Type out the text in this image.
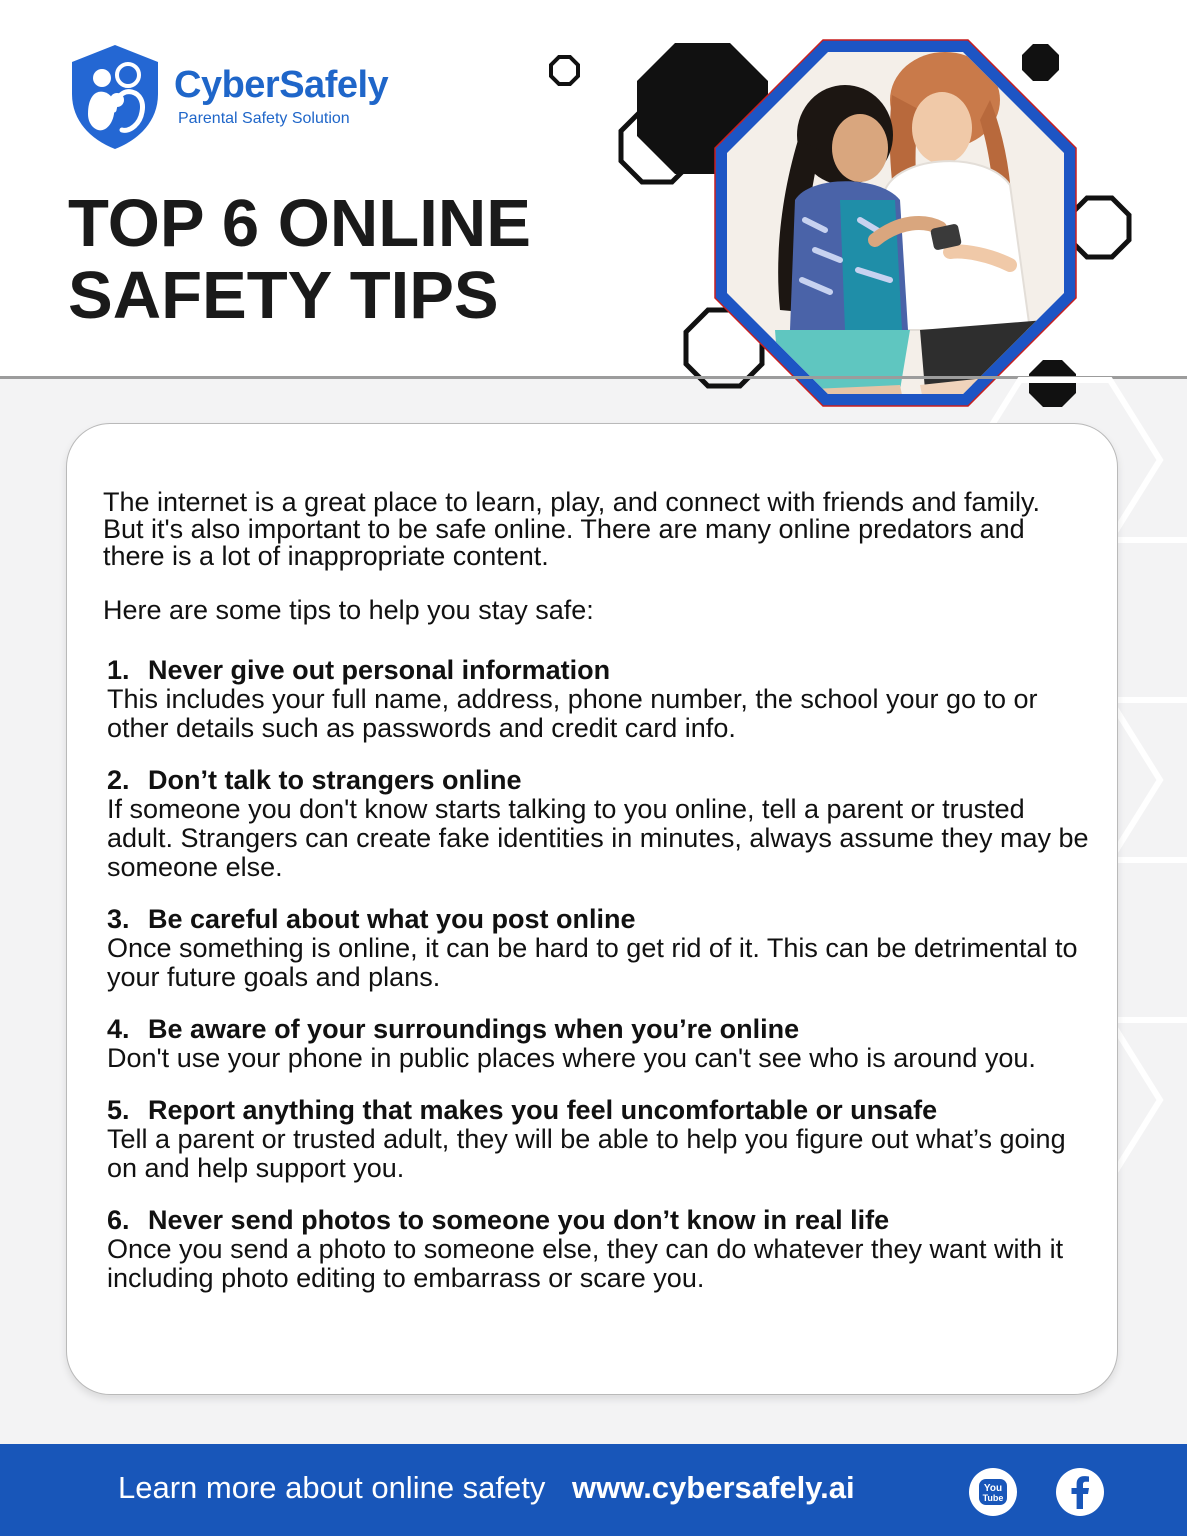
CyberSafely
Parental Safety Solution
TOP 6 ONLINE
SAFETY TIPS

The internet is a great place to learn, play, and connect with friends and family. But it's also important to be safe online. There are many online predators and there is a lot of inappropriate content.

Here are some tips to help you stay safe:

1. Never give out personal information

This includes your full name, address, phone number, the school your go to or other details such as passwords and credit card info.

2. Don’t talk to strangers online

If someone you don't know starts talking to you online, tell a parent or trusted adult. Strangers can create fake identities in minutes, always assume they may be someone else.

3. Be careful about what you post online

Once something is online, it can be hard to get rid of it. This can be detrimental to your future goals and plans.

4. Be aware of your surroundings when you’re online

Don't use your phone in public places where you can't see who is around you.

5. Report anything that makes you feel uncomfortable or unsafe

Tell a parent or trusted adult, they will be able to help you figure out what’s going on and help support you.

6. Never send photos to someone you don’t know in real life

Once you send a photo to someone else, they can do whatever they want with it including photo editing to embarrass or scare you.

Learn more about online safety www.cybersafely.ai	You
Tube
